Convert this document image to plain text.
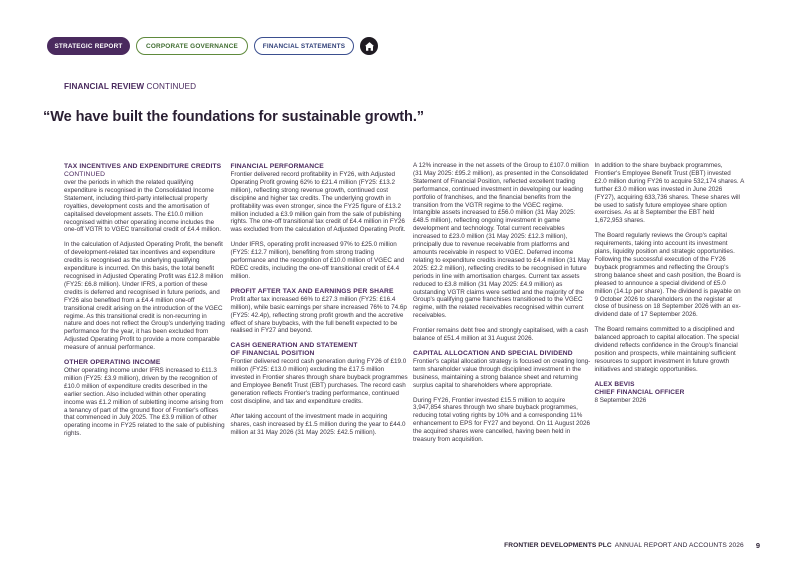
STRATEGIC REPORT	CORPORATE GOVERNANCE	FINANCIAL STATEMENTS
FINANCIAL REVIEW CONTINUED
“We have built the foundations for sustainable growth.”
TAX INCENTIVES AND EXPENDITURE CREDITS
CONTINUED

over the periods in which the related qualifying expenditure is recognised in the Consolidated Income Statement, including third-party intellectual property royalties, development costs and the amortisation of capitalised development assets. The £10.0 million recognised within other operating income includes the one-off VGTR to VGEC transitional credit of £4.4 million.

In the calculation of Adjusted Operating Profit, the benefit of development-related tax incentives and expenditure credits is recognised as the underlying qualifying expenditure is incurred. On this basis, the total benefit recognised in Adjusted Operating Profit was £12.8 million (FY25: £6.8 million). Under IFRS, a portion of these credits is deferred and recognised in future periods, and FY26 also benefited from a £4.4 million one-off transitional credit arising on the introduction of the VGEC regime. As this transitional credit is non-recurring in nature and does not reflect the Group's underlying trading performance for the year, it has been excluded from Adjusted Operating Profit to provide a more comparable measure of annual performance.

OTHER OPERATING INCOME

Other operating income under IFRS increased to £11.3 million (FY25: £3.9 million), driven by the recognition of £10.0 million of expenditure credits described in the earlier section. Also included within other operating income was £1.2 million of subletting income arising from a tenancy of part of the ground floor of Frontier's offices that commenced in July 2025. The £3.9 million of other operating income in FY25 related to the sale of publishing rights.

FINANCIAL PERFORMANCE

Frontier delivered record profitability in FY26, with Adjusted Operating Profit growing 62% to £21.4 million (FY25: £13.2 million), reflecting strong revenue growth, continued cost discipline and higher tax credits. The underlying growth in profitability was even stronger, since the FY25 figure of £13.2 million included a £3.9 million gain from the sale of publishing rights. The one-off transitional tax credit of £4.4 million in FY26 was excluded from the calculation of Adjusted Operating Profit.

Under IFRS, operating profit increased 97% to £25.0 million (FY25: £12.7 million), benefiting from strong trading performance and the recognition of £10.0 million of VGEC and RDEC credits, including the one-off transitional credit of £4.4 million.

PROFIT AFTER TAX AND EARNINGS PER SHARE

Profit after tax increased 66% to £27.3 million (FY25: £16.4 million), while basic earnings per share increased 76% to 74.6p (FY25: 42.4p), reflecting strong profit growth and the accretive effect of share buybacks, with the full benefit expected to be realised in FY27 and beyond.

CASH GENERATION AND STATEMENT
OF FINANCIAL POSITION

Frontier delivered record cash generation during FY26 of £19.0 million (FY25: £13.0 million) excluding the £17.5 million invested in Frontier shares through share buyback programmes and Employee Benefit Trust (EBT) purchases. The record cash generation reflects Frontier's trading performance, continued cost discipline, and tax and expenditure credits.

After taking account of the investment made in acquiring shares, cash increased by £1.5 million during the year to £44.0 million at 31 May 2026 (31 May 2025: £42.5 million).

A 12% increase in the net assets of the Group to £107.0 million (31 May 2025: £95.2 million), as presented in the Consolidated Statement of Financial Position, reflected excellent trading performance, continued investment in developing our leading portfolio of franchises, and the financial benefits from the transition from the VGTR regime to the VGEC regime. Intangible assets increased to £56.0 million (31 May 2025: £48.5 million), reflecting ongoing investment in game development and technology. Total current receivables increased to £23.0 million (31 May 2025: £12.3 million), principally due to revenue receivable from platforms and amounts receivable in respect to VGEC. Deferred income relating to expenditure credits increased to £4.4 million (31 May 2025: £2.2 million), reflecting credits to be recognised in future periods in line with amortisation charges. Current tax assets reduced to £3.8 million (31 May 2025: £4.9 million) as outstanding VGTR claims were settled and the majority of the Group's qualifying game franchises transitioned to the VGEC regime, with the related receivables recognised within current receivables.

Frontier remains debt free and strongly capitalised, with a cash balance of £51.4 million at 31 August 2026.

CAPITAL ALLOCATION AND SPECIAL DIVIDEND

Frontier's capital allocation strategy is focused on creating long-term shareholder value through disciplined investment in the business, maintaining a strong balance sheet and returning surplus capital to shareholders where appropriate.

During FY26, Frontier invested £15.5 million to acquire 3,947,854 shares through two share buyback programmes, reducing total voting rights by 10% and a corresponding 11% enhancement to EPS for FY27 and beyond. On 11 August 2026 the acquired shares were cancelled, having been held in treasury from acquisition.

In addition to the share buyback programmes, Frontier's Employee Benefit Trust (EBT) invested £2.0 million during FY26 to acquire 532,174 shares. A further £3.0 million was invested in June 2026 (FY27), acquiring 633,736 shares. These shares will be used to satisfy future employee share option exercises. As at 8 September the EBT held 1,672,953 shares.

The Board regularly reviews the Group's capital requirements, taking into account its investment plans, liquidity position and strategic opportunities. Following the successful execution of the FY26 buyback programmes and reflecting the Group's strong balance sheet and cash position, the Board is pleased to announce a special dividend of £5.0 million (14.1p per share). The dividend is payable on 9 October 2026 to shareholders on the register at close of business on 18 September 2026 with an ex-dividend date of 17 September 2026.

The Board remains committed to a disciplined and balanced approach to capital allocation. The special dividend reflects confidence in the Group's financial position and prospects, while maintaining sufficient resources to support investment in future growth initiatives and strategic opportunities.

ALEX BEVIS
CHIEF FINANCIAL OFFICER
8 September 2026
FRONTIER DEVELOPMENTS PLC ANNUAL REPORT AND ACCOUNTS 2026 9
